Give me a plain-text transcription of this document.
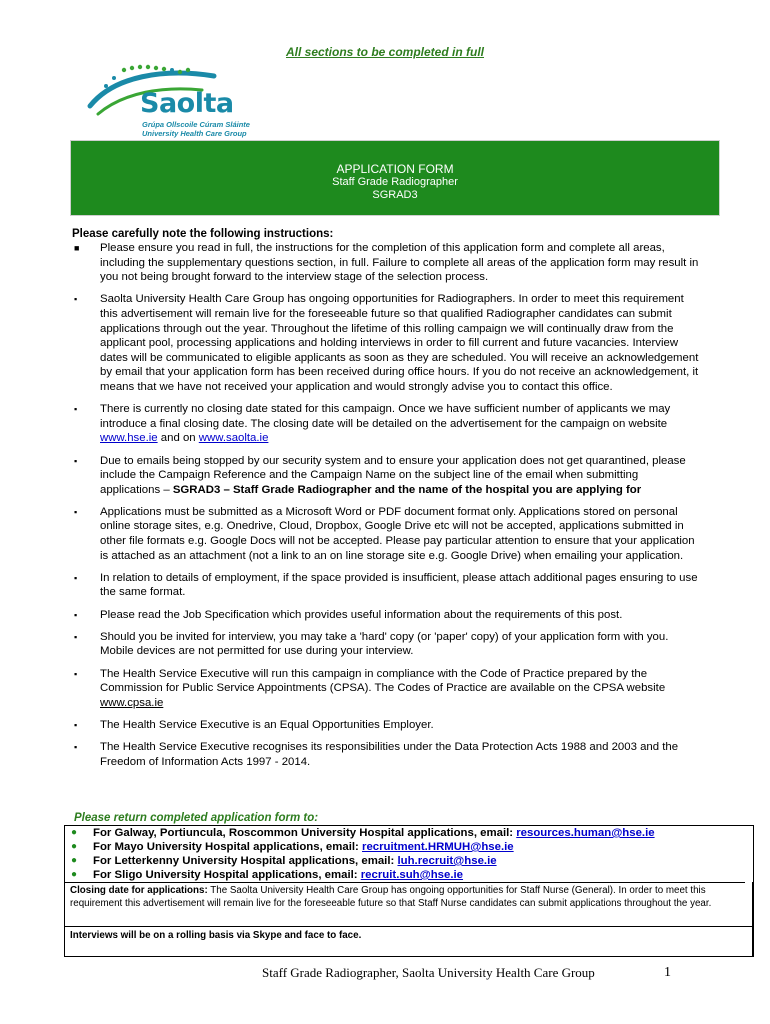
All sections to be completed in full
Saolta
Grúpa Ollscoile Cúram Sláinte
University Health Care Group
APPLICATION FORM
Staff Grade Radiographer
SGRAD3
Please carefully note the following instructions:
■ Please ensure you read in full, the instructions for the completion of this application form and complete all areas, including the supplementary questions section, in full. Failure to complete all areas of the application form may result in you not being brought forward to the interview stage of the selection process.
▪ Saolta University Health Care Group has ongoing opportunities for Radiographers. In order to meet this requirement this advertisement will remain live for the foreseeable future so that qualified Radiographer candidates can submit applications through out the year. Throughout the lifetime of this rolling campaign we will continually draw from the applicant pool, processing applications and holding interviews in order to fill current and future vacancies. Interview dates will be communicated to eligible applicants as soon as they are scheduled. You will receive an acknowledgement by email that your application form has been received during office hours. If you do not receive an acknowledgement, it means that we have not received your application and would strongly advise you to contact this office.
▪ There is currently no closing date stated for this campaign. Once we have sufficient number of applicants we may introduce a final closing date. The closing date will be detailed on the advertisement for the campaign on website www.hse.ie and on www.saolta.ie
▪ Due to emails being stopped by our security system and to ensure your application does not get quarantined, please include the Campaign Reference and the Campaign Name on the subject line of the email when submitting applications – SGRAD3 – Staff Grade Radiographer and the name of the hospital you are applying for
▪ Applications must be submitted as a Microsoft Word or PDF document format only. Applications stored on personal online storage sites, e.g. Onedrive, Cloud, Dropbox, Google Drive etc will not be accepted, applications submitted in other file formats e.g. Google Docs will not be accepted. Please pay particular attention to ensure that your application is attached as an attachment (not a link to an on line storage site e.g. Google Drive) when emailing your application.
▪ In relation to details of employment, if the space provided is insufficient, please attach additional pages ensuring to use the same format.
▪ Please read the Job Specification which provides useful information about the requirements of this post.
▪ Should you be invited for interview, you may take a 'hard' copy (or 'paper' copy) of your application form with you. Mobile devices are not permitted for use during your interview.
▪ The Health Service Executive will run this campaign in compliance with the Code of Practice prepared by the Commission for Public Service Appointments (CPSA). The Codes of Practice are available on the CPSA website www.cpsa.ie
▪ The Health Service Executive is an Equal Opportunities Employer.
▪ The Health Service Executive recognises its responsibilities under the Data Protection Acts 1988 and 2003 and the Freedom of Information Acts 1997 - 2014.
Please return completed application form to:
● For Galway, Portiuncula, Roscommon University Hospital applications, email: resources.human@hse.ie
● For Mayo University Hospital applications, email: recruitment.HRMUH@hse.ie
● For Letterkenny University Hospital applications, email: luh.recruit@hse.ie
● For Sligo University Hospital applications, email: recruit.suh@hse.ie
Closing date for applications: The Saolta University Health Care Group has ongoing opportunities for Staff Nurse (General). In order to meet this requirement this advertisement will remain live for the foreseeable future so that Staff Nurse candidates can submit applications throughout the year.
Interviews will be on a rolling basis via Skype and face to face.
Staff Grade Radiographer, Saolta University Health Care Group	1
